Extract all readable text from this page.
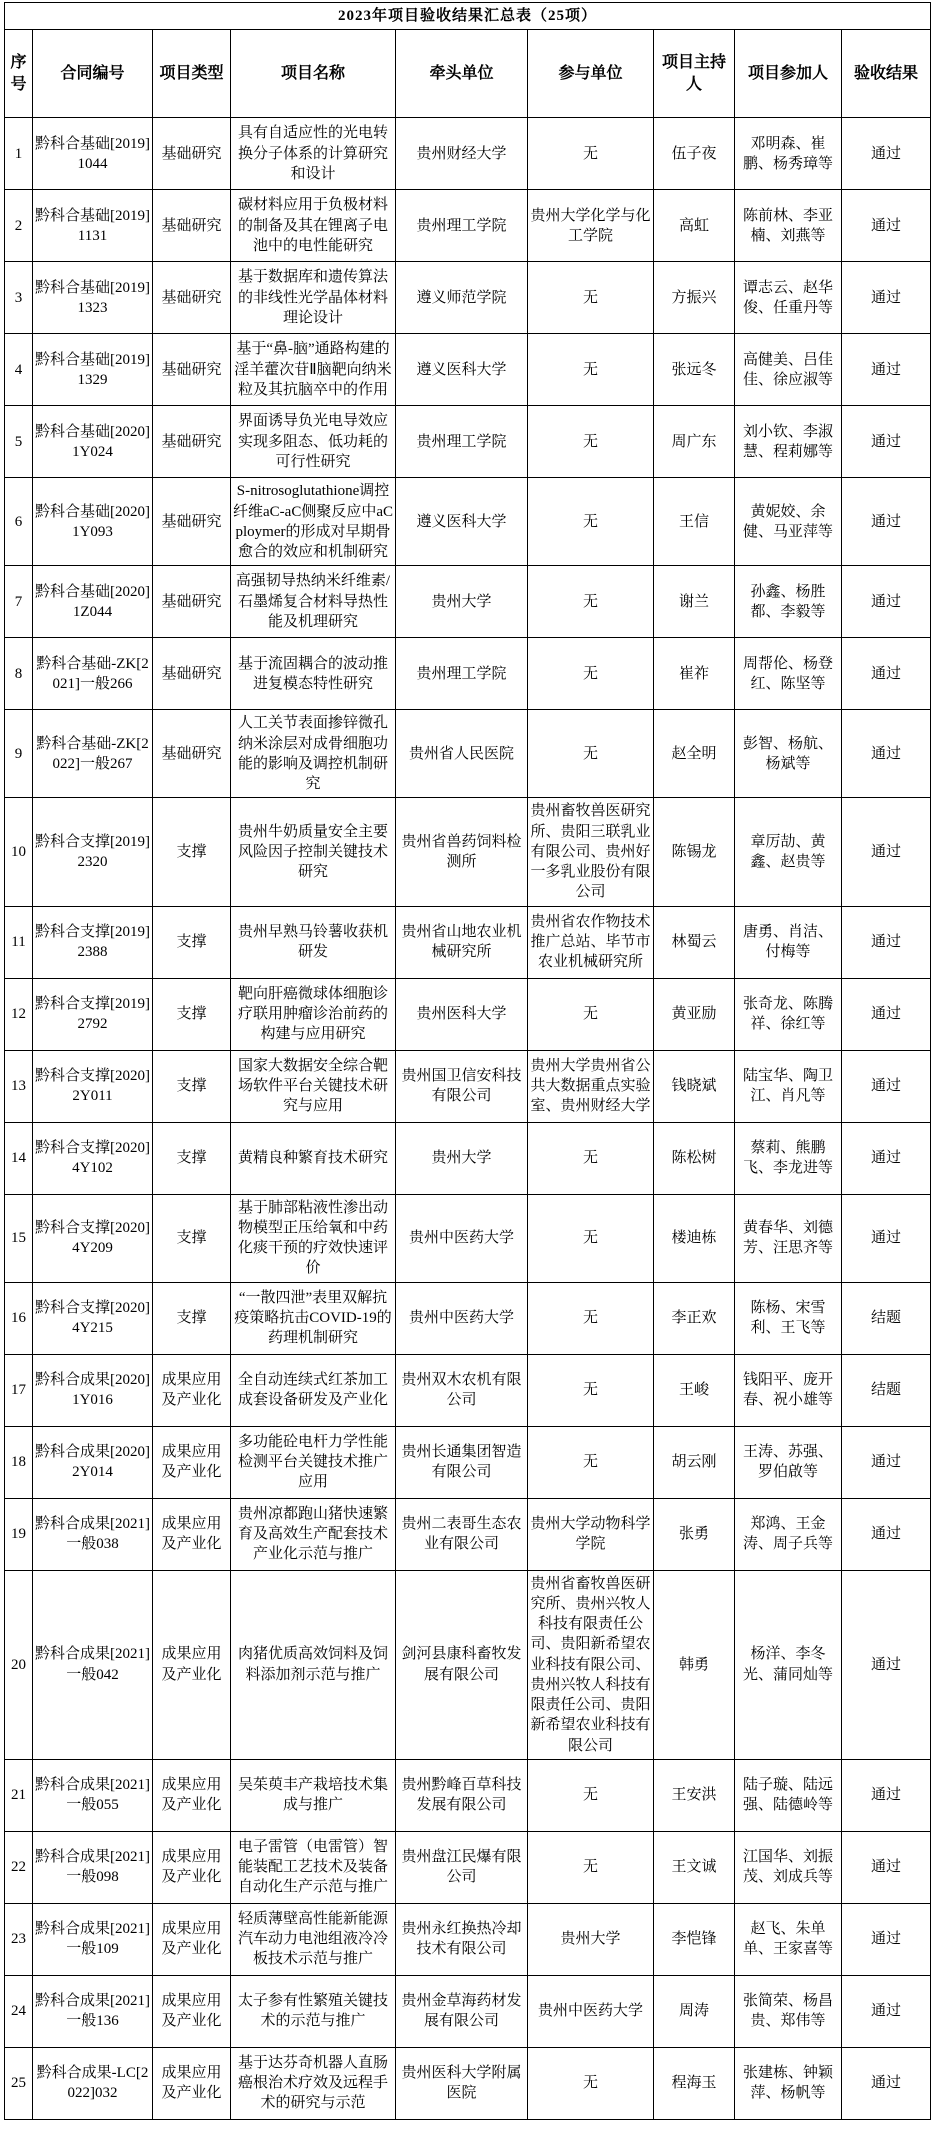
2023年项目验收结果汇总表（25项）								
序号	合同编号	项目类型	项目名称	牵头单位	参与单位	项目主持人	项目参加人	验收结果
1	黔科合基础[2019]1044	基础研究	具有自适应性的光电转换分子体系的计算研究和设计	贵州财经大学	无	伍子夜	邓明森、崔鹏、杨秀璋等	通过
2	黔科合基础[2019]1131	基础研究	碳材料应用于负极材料的制备及其在锂离子电池中的电性能研究	贵州理工学院	贵州大学化学与化工学院	高虹	陈前林、李亚楠、刘燕等	通过
3	黔科合基础[2019]1323	基础研究	基于数据库和遗传算法的非线性光学晶体材料理论设计	遵义师范学院	无	方振兴	谭志云、赵华俊、任重丹等	通过
4	黔科合基础[2019]1329	基础研究	基于“鼻-脑”通路构建的淫羊藿次苷Ⅱ脑靶向纳米粒及其抗脑卒中的作用	遵义医科大学	无	张远冬	高健美、吕佳佳、徐应淑等	通过
5	黔科合基础[2020]1Y024	基础研究	界面诱导负光电导效应实现多阻态、低功耗的可行性研究	贵州理工学院	无	周广东	刘小钦、李淑慧、程莉娜等	通过
6	黔科合基础[2020]1Y093	基础研究	S-nitrosoglutathione调控纤维aC-aC侧聚反应中aC ploymer的形成对早期骨愈合的效应和机制研究	遵义医科大学	无	王信	黄妮姣、余健、马亚萍等	通过
7	黔科合基础[2020]1Z044	基础研究	高强韧导热纳米纤维素/石墨烯复合材料导热性能及机理研究	贵州大学	无	谢兰	孙鑫、杨胜都、李毅等	通过
8	黔科合基础-ZK[2021]一般266	基础研究	基于流固耦合的波动推进复模态特性研究	贵州理工学院	无	崔祚	周帮伦、杨登红、陈坚等	通过
9	黔科合基础-ZK[2022]一般267	基础研究	人工关节表面掺锌微孔纳米涂层对成骨细胞功能的影响及调控机制研究	贵州省人民医院	无	赵全明	彭智、杨航、杨斌等	通过
10	黔科合支撑[2019]2320	支撑	贵州牛奶质量安全主要风险因子控制关键技术研究	贵州省兽药饲料检测所	贵州畜牧兽医研究所、贵阳三联乳业有限公司、贵州好一多乳业股份有限公司	陈锡龙	章厉劼、黄鑫、赵贵等	通过
11	黔科合支撑[2019]2388	支撑	贵州早熟马铃薯收获机研发	贵州省山地农业机械研究所	贵州省农作物技术推广总站、毕节市农业机械研究所	林蜀云	唐勇、肖洁、付梅等	通过
12	黔科合支撑[2019]2792	支撑	靶向肝癌微球体细胞诊疗联用肿瘤诊治前药的构建与应用研究	贵州医科大学	无	黄亚励	张奇龙、陈腾祥、徐红等	通过
13	黔科合支撑[2020]2Y011	支撑	国家大数据安全综合靶场软件平台关键技术研究与应用	贵州国卫信安科技有限公司	贵州大学贵州省公共大数据重点实验室、贵州财经大学	钱晓斌	陆宝华、陶卫江、肖凡等	通过
14	黔科合支撑[2020]4Y102	支撑	黄精良种繁育技术研究	贵州大学	无	陈松树	蔡莉、熊鹏飞、李龙进等	通过
15	黔科合支撑[2020]4Y209	支撑	基于肺部粘液性渗出动物模型正压给氧和中药化痰干预的疗效快速评价	贵州中医药大学	无	楼迪栋	黄春华、刘德芳、汪思齐等	通过
16	黔科合支撑[2020]4Y215	支撑	“一散四泄”表里双解抗疫策略抗击COVID-19的药理机制研究	贵州中医药大学	无	李正欢	陈杨、宋雪利、王飞等	结题
17	黔科合成果[2020]1Y016	成果应用及产业化	全自动连续式红茶加工成套设备研发及产业化	贵州双木农机有限公司	无	王峻	钱阳平、庞开春、祝小雄等	结题
18	黔科合成果[2020]2Y014	成果应用及产业化	多功能砼电杆力学性能检测平台关键技术推广应用	贵州长通集团智造有限公司	无	胡云刚	王涛、苏强、罗伯啟等	通过
19	黔科合成果[2021]一般038	成果应用及产业化	贵州凉都跑山猪快速繁育及高效生产配套技术产业化示范与推广	贵州二表哥生态农业有限公司	贵州大学动物科学学院	张勇	郑鸿、王金涛、周子兵等	通过
20	黔科合成果[2021]一般042	成果应用及产业化	肉猪优质高效饲料及饲料添加剂示范与推广	剑河县康科畜牧发展有限公司	贵州省畜牧兽医研究所、贵州兴牧人科技有限责任公司、贵阳新希望农业科技有限公司、贵州兴牧人科技有限责任公司、贵阳新希望农业科技有限公司	韩勇	杨洋、李冬光、蒲同灿等	通过
21	黔科合成果[2021]一般055	成果应用及产业化	吴茱萸丰产栽培技术集成与推广	贵州黔峰百草科技发展有限公司	无	王安洪	陆子璇、陆远强、陆德岭等	通过
22	黔科合成果[2021]一般098	成果应用及产业化	电子雷管（电雷管）智能装配工艺技术及装备自动化生产示范与推广	贵州盘江民爆有限公司	无	王文诚	江国华、刘振茂、刘成兵等	通过
23	黔科合成果[2021]一般109	成果应用及产业化	轻质薄壁高性能新能源汽车动力电池组液冷冷板技术示范与推广	贵州永红换热冷却技术有限公司	贵州大学	李恺锋	赵飞、朱单单、王家喜等	通过
24	黔科合成果[2021]一般136	成果应用及产业化	太子参有性繁殖关键技术的示范与推广	贵州金草海药材发展有限公司	贵州中医药大学	周涛	张简荣、杨昌贵、郑伟等	通过
25	黔科合成果-LC[2022]032	成果应用及产业化	基于达芬奇机器人直肠癌根治术疗效及远程手术的研究与示范	贵州医科大学附属医院	无	程海玉	张建栋、钟颖萍、杨帆等	通过
